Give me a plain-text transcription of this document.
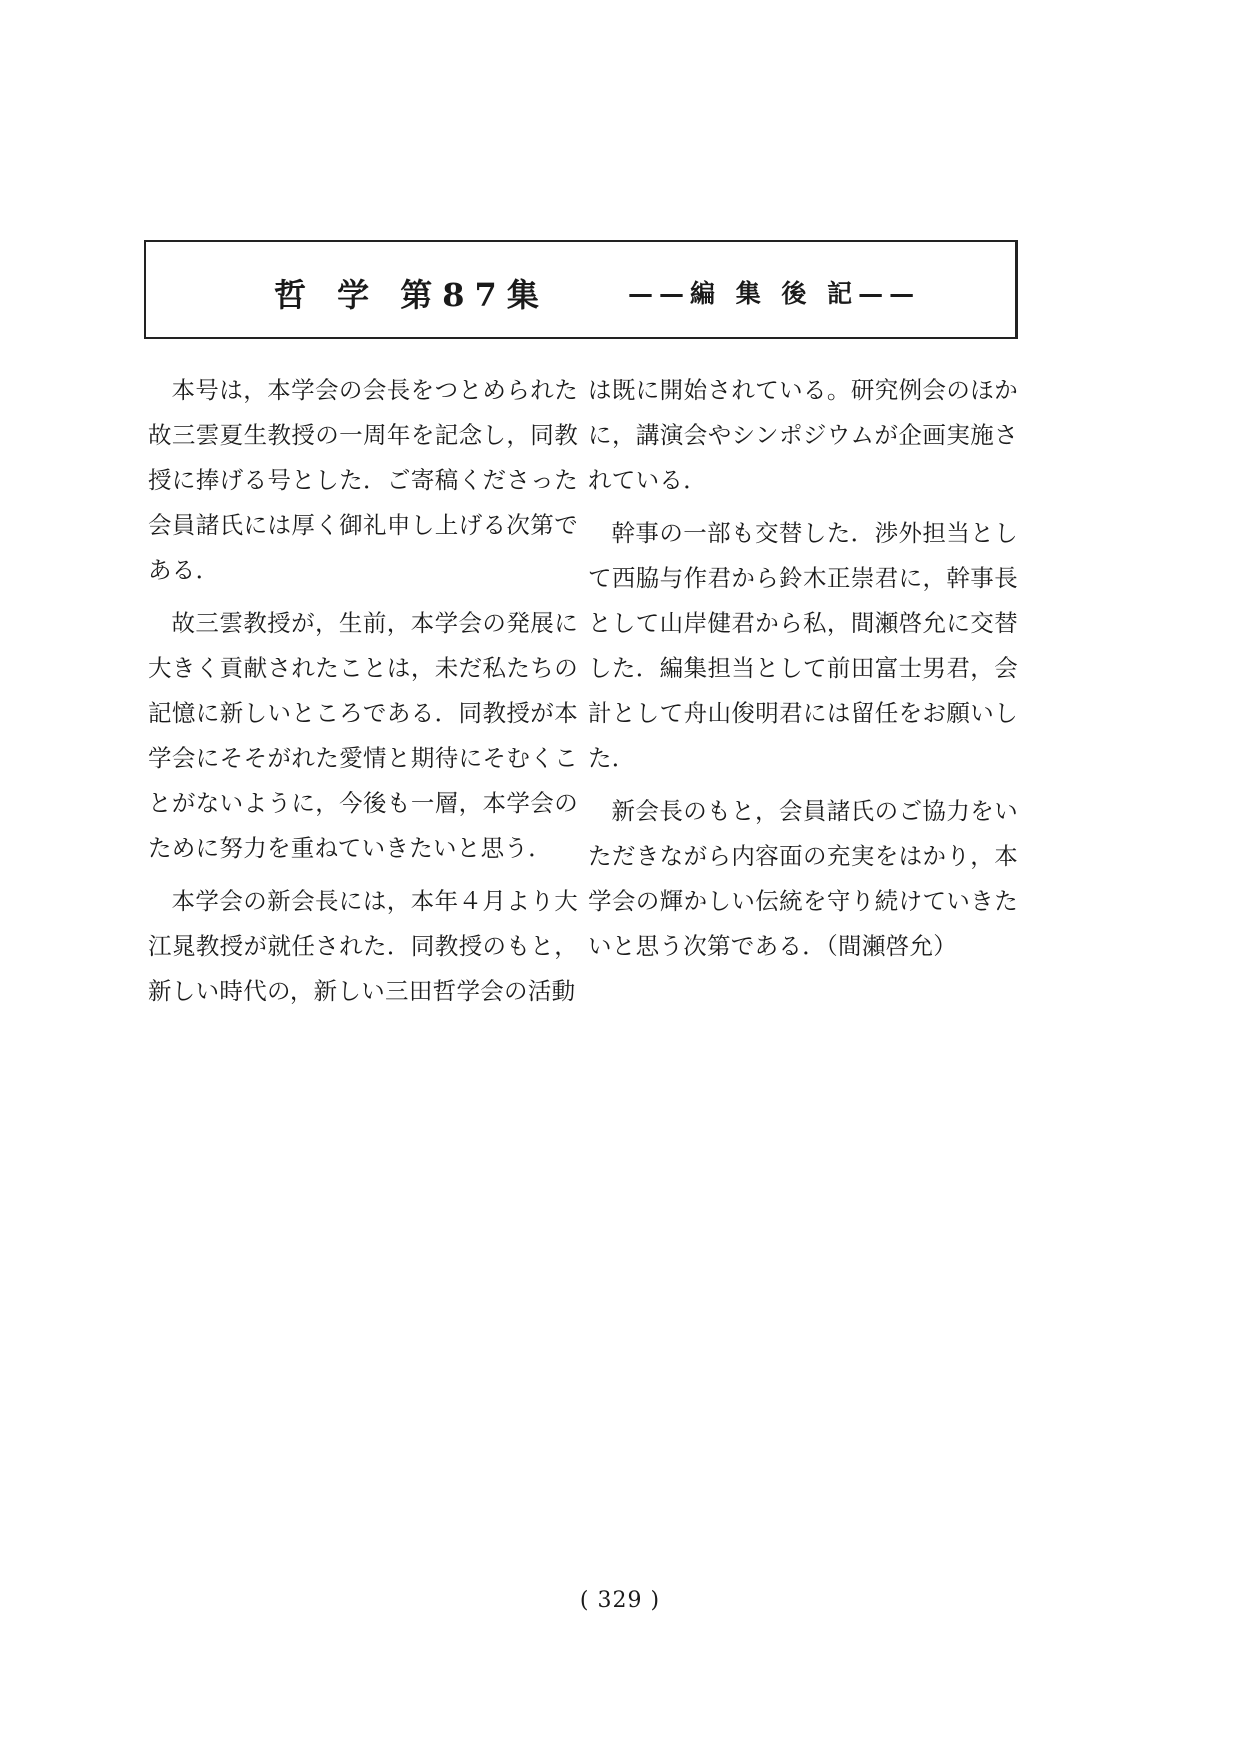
哲 学 第87集	——編 集 後 記——

本号は，本学会の会長をつとめられた故三雲夏生教授の一周年を記念し，同教授に捧げる号とした．ご寄稿くださった会員諸氏には厚く御礼申し上げる次第である．

故三雲教授が，生前，本学会の発展に大きく貢献されたことは，未だ私たちの記憶に新しいところである．同教授が本学会にそそがれた愛情と期待にそむくことがないように，今後も一層，本学会のために努力を重ねていきたいと思う．

本学会の新会長には，本年４月より大江晁教授が就任された．同教授のもと，新しい時代の，新しい三田哲学会の活動

は既に開始されている。研究例会のほかに，講演会やシンポジウムが企画実施されている．

幹事の一部も交替した．渉外担当として西脇与作君から鈴木正崇君に，幹事長として山岸健君から私，間瀬啓允に交替した．編集担当として前田富士男君，会計として舟山俊明君には留任をお願いした．

新会長のもと，会員諸氏のご協力をいただきながら内容面の充実をはかり，本学会の輝かしい伝統を守り続けていきたいと思う次第である．（間瀬啓允）

( 329 )
